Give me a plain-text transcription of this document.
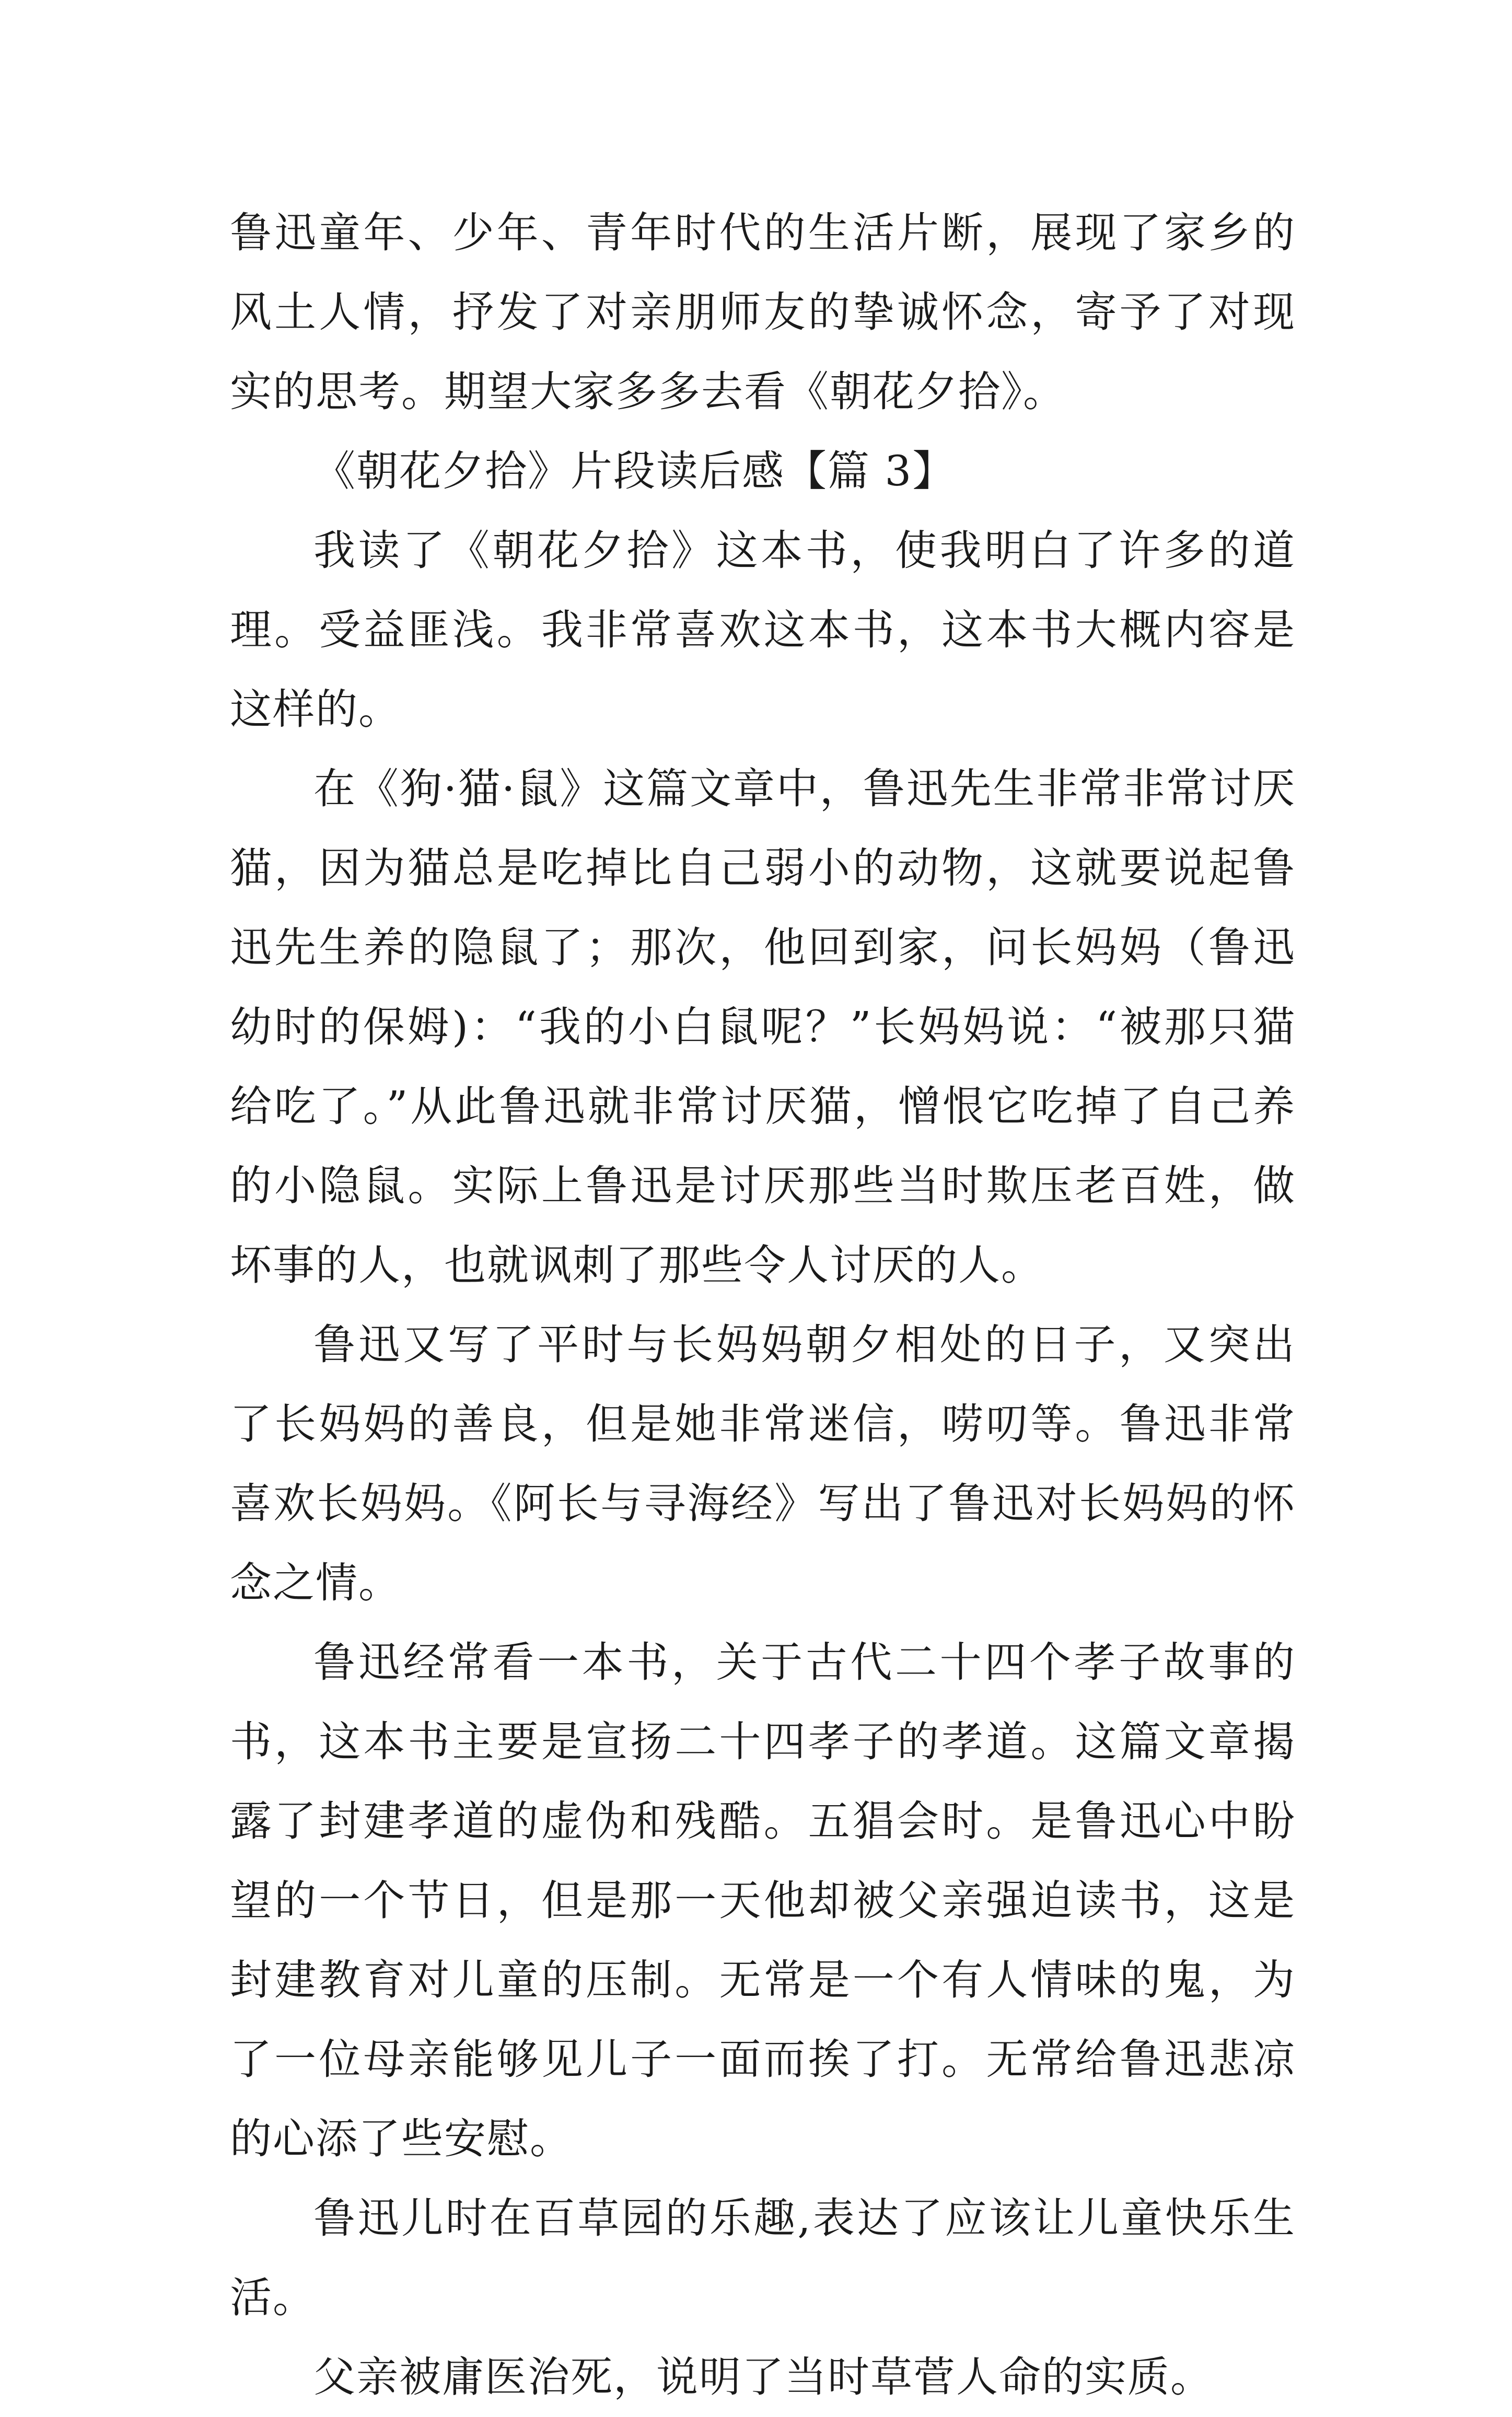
鲁迅童年、少年、青年时代的生活片断，展现了家乡的风土人情，抒发了对亲朋师友的挚诚怀念，寄予了对现实的思考。期望大家多多去看《朝花夕拾》。

《朝花夕拾》片段读后感【篇 3】

我读了《朝花夕拾》这本书，使我明白了许多的道理。受益匪浅。我非常喜欢这本书，这本书大概内容是这样的。

在《狗·猫·鼠》这篇文章中，鲁迅先生非常非常讨厌猫，因为猫总是吃掉比自己弱小的动物，这就要说起鲁迅先生养的隐鼠了；那次，他回到家，问长妈妈（鲁迅幼时的保姆)：“我的小白鼠呢？”长妈妈说：“被那只猫给吃了。”从此鲁迅就非常讨厌猫，憎恨它吃掉了自己养的小隐鼠。实际上鲁迅是讨厌那些当时欺压老百姓，做坏事的人，也就讽刺了那些令人讨厌的人。

鲁迅又写了平时与长妈妈朝夕相处的日子，又突出了长妈妈的善良，但是她非常迷信，唠叨等。鲁迅非常喜欢长妈妈。《阿长与寻海经》写出了鲁迅对长妈妈的怀念之情。

鲁迅经常看一本书，关于古代二十四个孝子故事的书，这本书主要是宣扬二十四孝子的孝道。这篇文章揭露了封建孝道的虚伪和残酷。五猖会时。是鲁迅心中盼望的一个节日，但是那一天他却被父亲强迫读书，这是封建教育对儿童的压制。无常是一个有人情味的鬼，为了一位母亲能够见儿子一面而挨了打。无常给鲁迅悲凉的心添了些安慰。

鲁迅儿时在百草园的乐趣,表达了应该让儿童快乐生活。

父亲被庸医治死，说明了当时草菅人命的实质。
